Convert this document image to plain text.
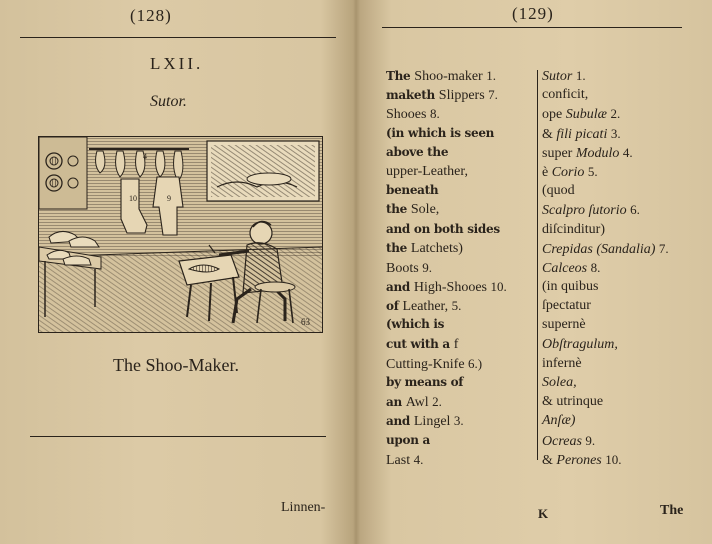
(128)
LXII.
Sutor.
4
10	9
63
The Shoo-Maker.
Linnen-
(129)
The Shoo-maker 1.
maketh Slippers 7.
Shooes 8.
(in which is seen
above the
upper-Leather,
beneath
the Sole,
and on both sides
the Latchets)
Boots 9.
and High-Shooes 10.
of Leather, 5.
(which is
cut with a f
Cutting-Knife 6.)
by means of
an Awl 2.
and Lingel 3.
upon a
Last 4.
Sutor 1.
conficit,
ope Subulæ 2.
& fili picati 3.
super Modulo 4.
è Corio 5.
(quod
Scalpro ſutorio 6.
diſcinditur)
Crepidas (Sandalia) 7.
Calceos 8.
(in quibus
ſpectatur
supernè
Obſtragulum,
infernè
Solea,
& utrinque
Anſæ)
Ocreas 9.
& Perones 10.
K	The
